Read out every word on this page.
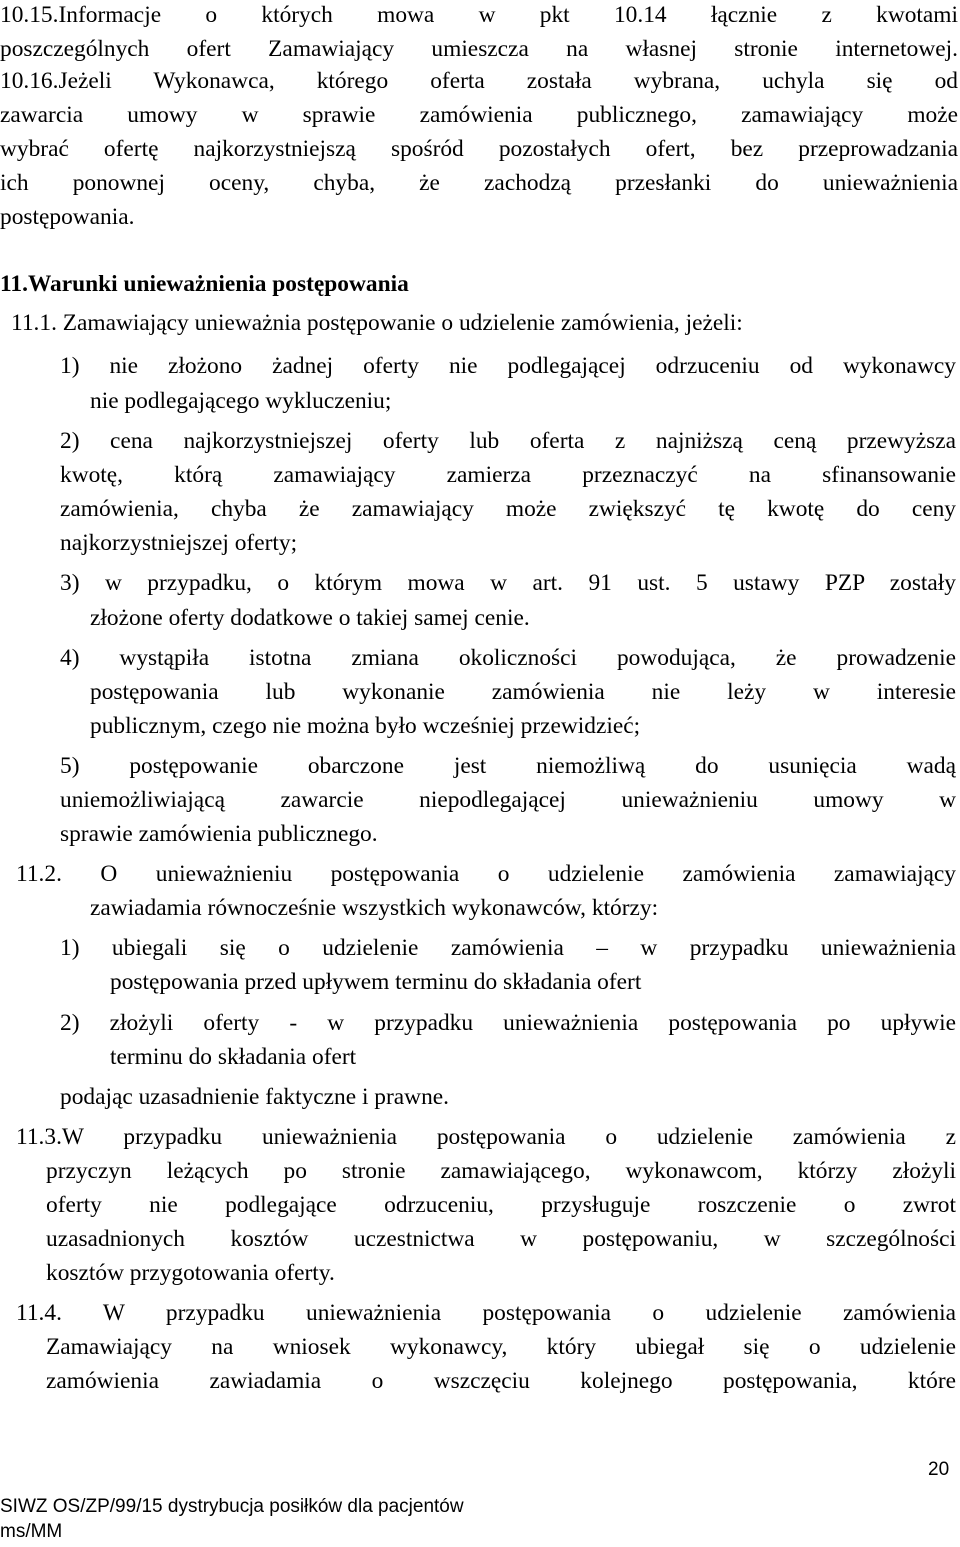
10.15.Informacje o których mowa w pkt 10.14 łącznie z kwotami
poszczególnych ofert Zamawiający umieszcza na własnej stronie internetowej.
10.16.Jeżeli Wykonawca, którego oferta została wybrana, uchyla się od
zawarcia umowy w sprawie zamówienia publicznego, zamawiający może
wybrać ofertę najkorzystniejszą spośród pozostałych ofert, bez przeprowadzania
ich ponownej oceny, chyba, że zachodzą przesłanki do unieważnienia
postępowania.
11.Warunki unieważnienia postępowania
11.1. Zamawiający unieważnia postępowanie o udzielenie zamówienia, jeżeli:
1) nie złożono żadnej oferty nie podlegającej odrzuceniu od wykonawcy
nie podlegającego wykluczeniu;
2) cena najkorzystniejszej oferty lub oferta z najniższą ceną przewyższa
kwotę, którą zamawiający zamierza przeznaczyć na sfinansowanie
zamówienia, chyba że zamawiający może zwiększyć tę kwotę do ceny
najkorzystniejszej oferty;
3) w przypadku, o którym mowa w art. 91 ust. 5 ustawy PZP zostały
złożone oferty dodatkowe o takiej samej cenie.
4) wystąpiła istotna zmiana okoliczności powodująca, że prowadzenie
postępowania lub wykonanie zamówienia nie leży w interesie
publicznym, czego nie można było wcześniej przewidzieć;
5) postępowanie obarczone jest niemożliwą do usunięcia wadą
uniemożliwiającą zawarcie niepodlegającej unieważnieniu umowy w
sprawie zamówienia publicznego.
11.2. O unieważnieniu postępowania o udzielenie zamówienia zamawiający
zawiadamia równocześnie wszystkich wykonawców, którzy:
1) ubiegali się o udzielenie zamówienia – w przypadku unieważnienia
postępowania przed upływem terminu do składania ofert
2) złożyli oferty - w przypadku unieważnienia postępowania po upływie
terminu do składania ofert
podając uzasadnienie faktyczne i prawne.
11.3.W przypadku unieważnienia postępowania o udzielenie zamówienia z
przyczyn leżących po stronie zamawiającego, wykonawcom, którzy złożyli
oferty nie podlegające odrzuceniu, przysługuje roszczenie o zwrot
uzasadnionych kosztów uczestnictwa w postępowaniu, w szczególności
kosztów przygotowania oferty.
11.4. W przypadku unieważnienia postępowania o udzielenie zamówienia
Zamawiający na wniosek wykonawcy, który ubiegał się o udzielenie
zamówienia zawiadamia o wszczęciu kolejnego postępowania, które
20
SIWZ OS/ZP/99/15 dystrybucja posiłków dla pacjentów
ms/MM
